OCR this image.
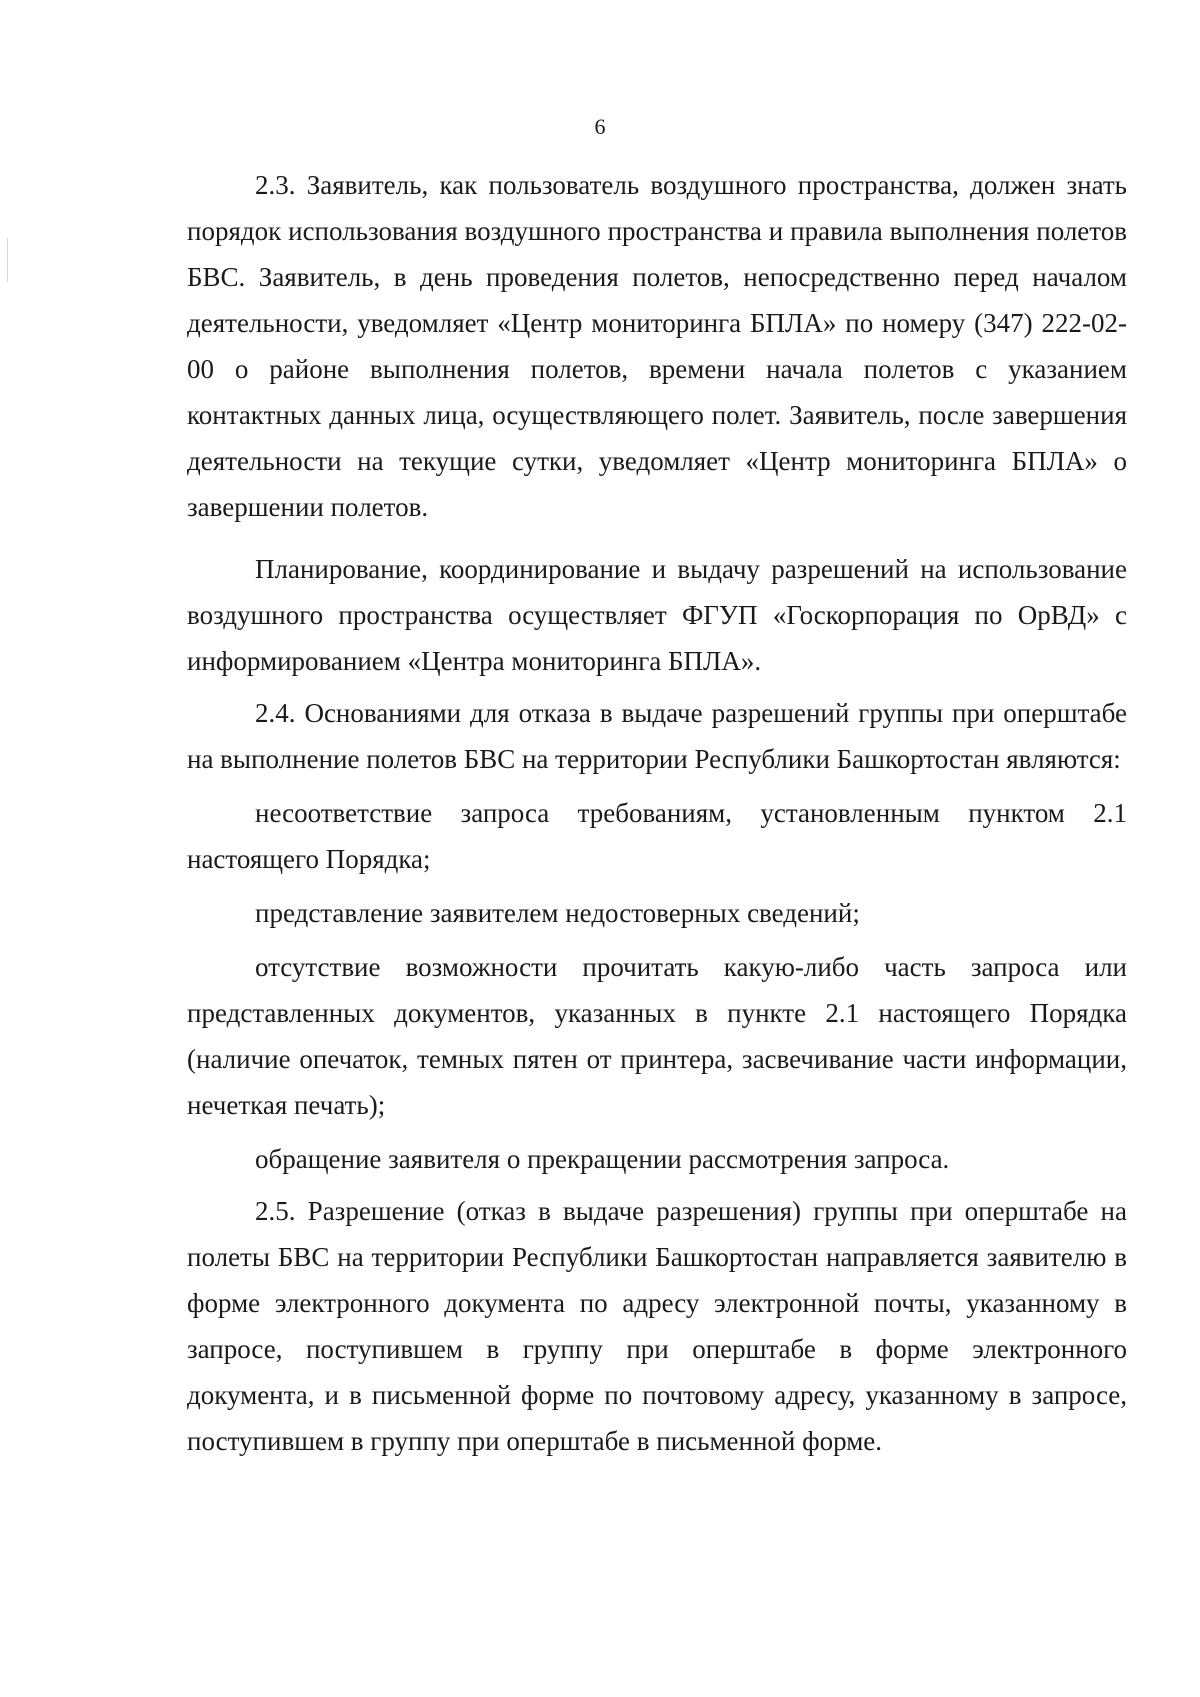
6

2.3. Заявитель, как пользователь воздушного пространства, должен знать порядок использования воздушного пространства и правила выполнения полетов БВС. Заявитель, в день проведения полетов, непосредственно перед началом деятельности, уведомляет «Центр мониторинга БПЛА» по номеру (347) 222-02-00 о районе выполнения полетов, времени начала полетов с указанием контактных данных лица, осуществляющего полет. Заявитель, после завершения деятельности на текущие сутки, уведомляет «Центр мониторинга БПЛА» о завершении полетов.

Планирование, координирование и выдачу разрешений на использование воздушного пространства осуществляет ФГУП «Госкорпорация по ОрВД» с информированием «Центра мониторинга БПЛА».

2.4. Основаниями для отказа в выдаче разрешений группы при оперштабе на выполнение полетов БВС на территории Республики Башкортостан являются:

несоответствие запроса требованиям, установленным пунктом 2.1 настоящего Порядка;

представление заявителем недостоверных сведений;

отсутствие возможности прочитать какую-либо часть запроса или представленных документов, указанных в пункте 2.1 настоящего Порядка (наличие опечаток, темных пятен от принтера, засвечивание части информации, нечеткая печать);

обращение заявителя о прекращении рассмотрения запроса.

2.5. Разрешение (отказ в выдаче разрешения) группы при оперштабе на полеты БВС на территории Республики Башкортостан направляется заявителю в форме электронного документа по адресу электронной почты, указанному в запросе, поступившем в группу при оперштабе в форме электронного документа, и в письменной форме по почтовому адресу, указанному в запросе, поступившем в группу при оперштабе в письменной форме.
